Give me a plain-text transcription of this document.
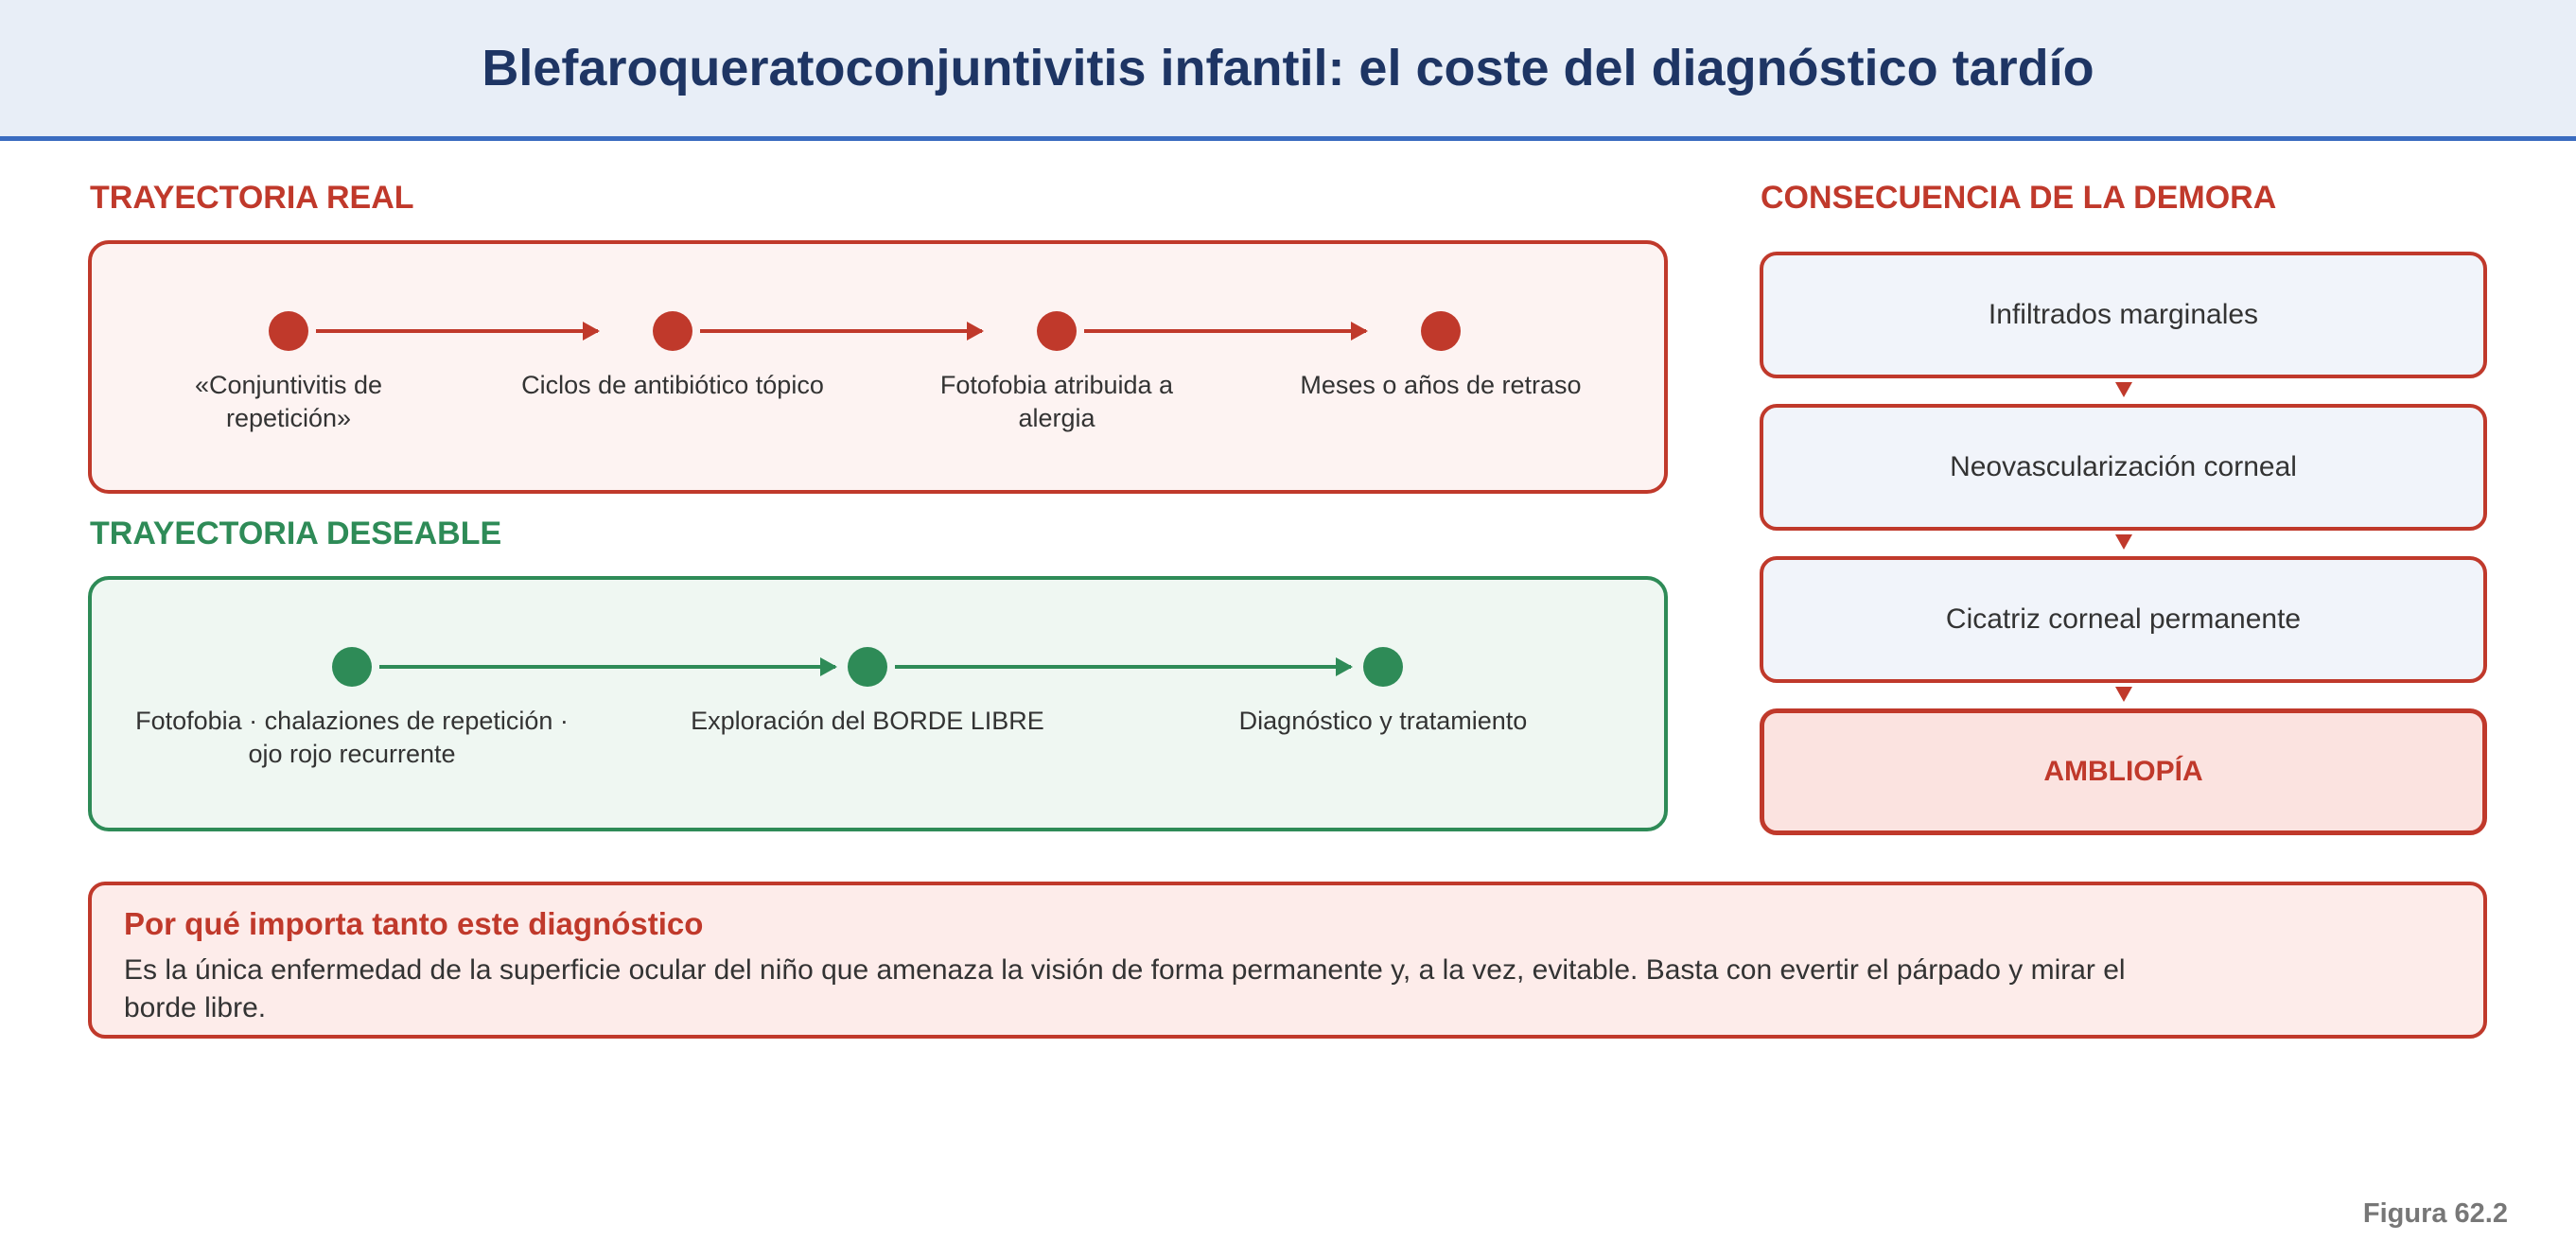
Blefaroqueratoconjuntivitis infantil: el coste del diagnóstico tardío
TRAYECTORIA REAL
«Conjuntivitis de repetición»
Ciclos de antibiótico tópico	Fotofobia atribuida a alergia
Meses o años de retraso
TRAYECTORIA DESEABLE
Fotofobia · chalaziones de repetición · ojo rojo recurrente
Exploración del BORDE LIBRE	Diagnóstico y tratamiento
CONSECUENCIA DE LA DEMORA
Infiltrados marginales
Neovascularización corneal
Cicatriz corneal permanente
AMBLIOPÍA

Por qué importa tanto este diagnóstico

Es la única enfermedad de la superficie ocular del niño que amenaza la visión de forma permanente y, a la vez, evitable. Basta con evertir el párpado y mirar el borde libre.

Figura 62.2
